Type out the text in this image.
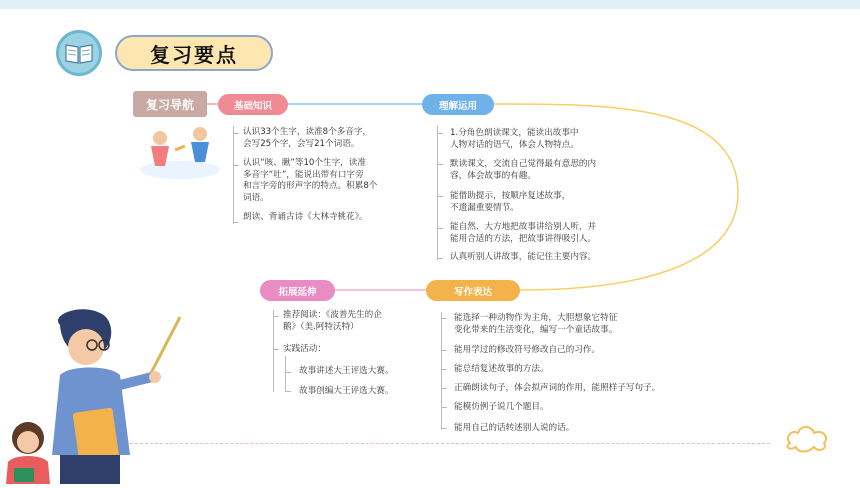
复习要点
复习导航	基础知识
认识33个生字，读准8个多音字，
会写25个字，会写21个词语。
认识“咳、瞅”等10个生字，读准
多音字“吐”，能说出带有口字旁
和言字旁的形声字的特点。积累8个
词语。
朗读、背诵古诗《大林寺桃花》。
理解运用
1.分角色朗读课文，能读出故事中
人物对话的语气，体会人物特点。
默读课文，交流自己觉得最有意思的内
容，体会故事的有趣。
能借助提示，按顺序复述故事，
不遗漏重要情节。
能自然、大方地把故事讲给别人听，并
能用合适的方法，把故事讲得吸引人。
认真听别人讲故事，能记住主要内容。
拓展延伸
推荐阅读：《波普先生的企
鹅》（美.阿特沃特）
实践活动：
故事讲述大王评选大赛。
故事创编大王评选大赛。
写作表达
能选择一种动物作为主角，大胆想象它特征
变化带来的生活变化，编写一个童话故事。
能用学过的修改符号修改自己的习作。
能总结复述故事的方法。
正确朗读句子，体会拟声词的作用，能照样子写句子。
能模仿例子说几个题目。
能用自己的话转述别人说的话。
